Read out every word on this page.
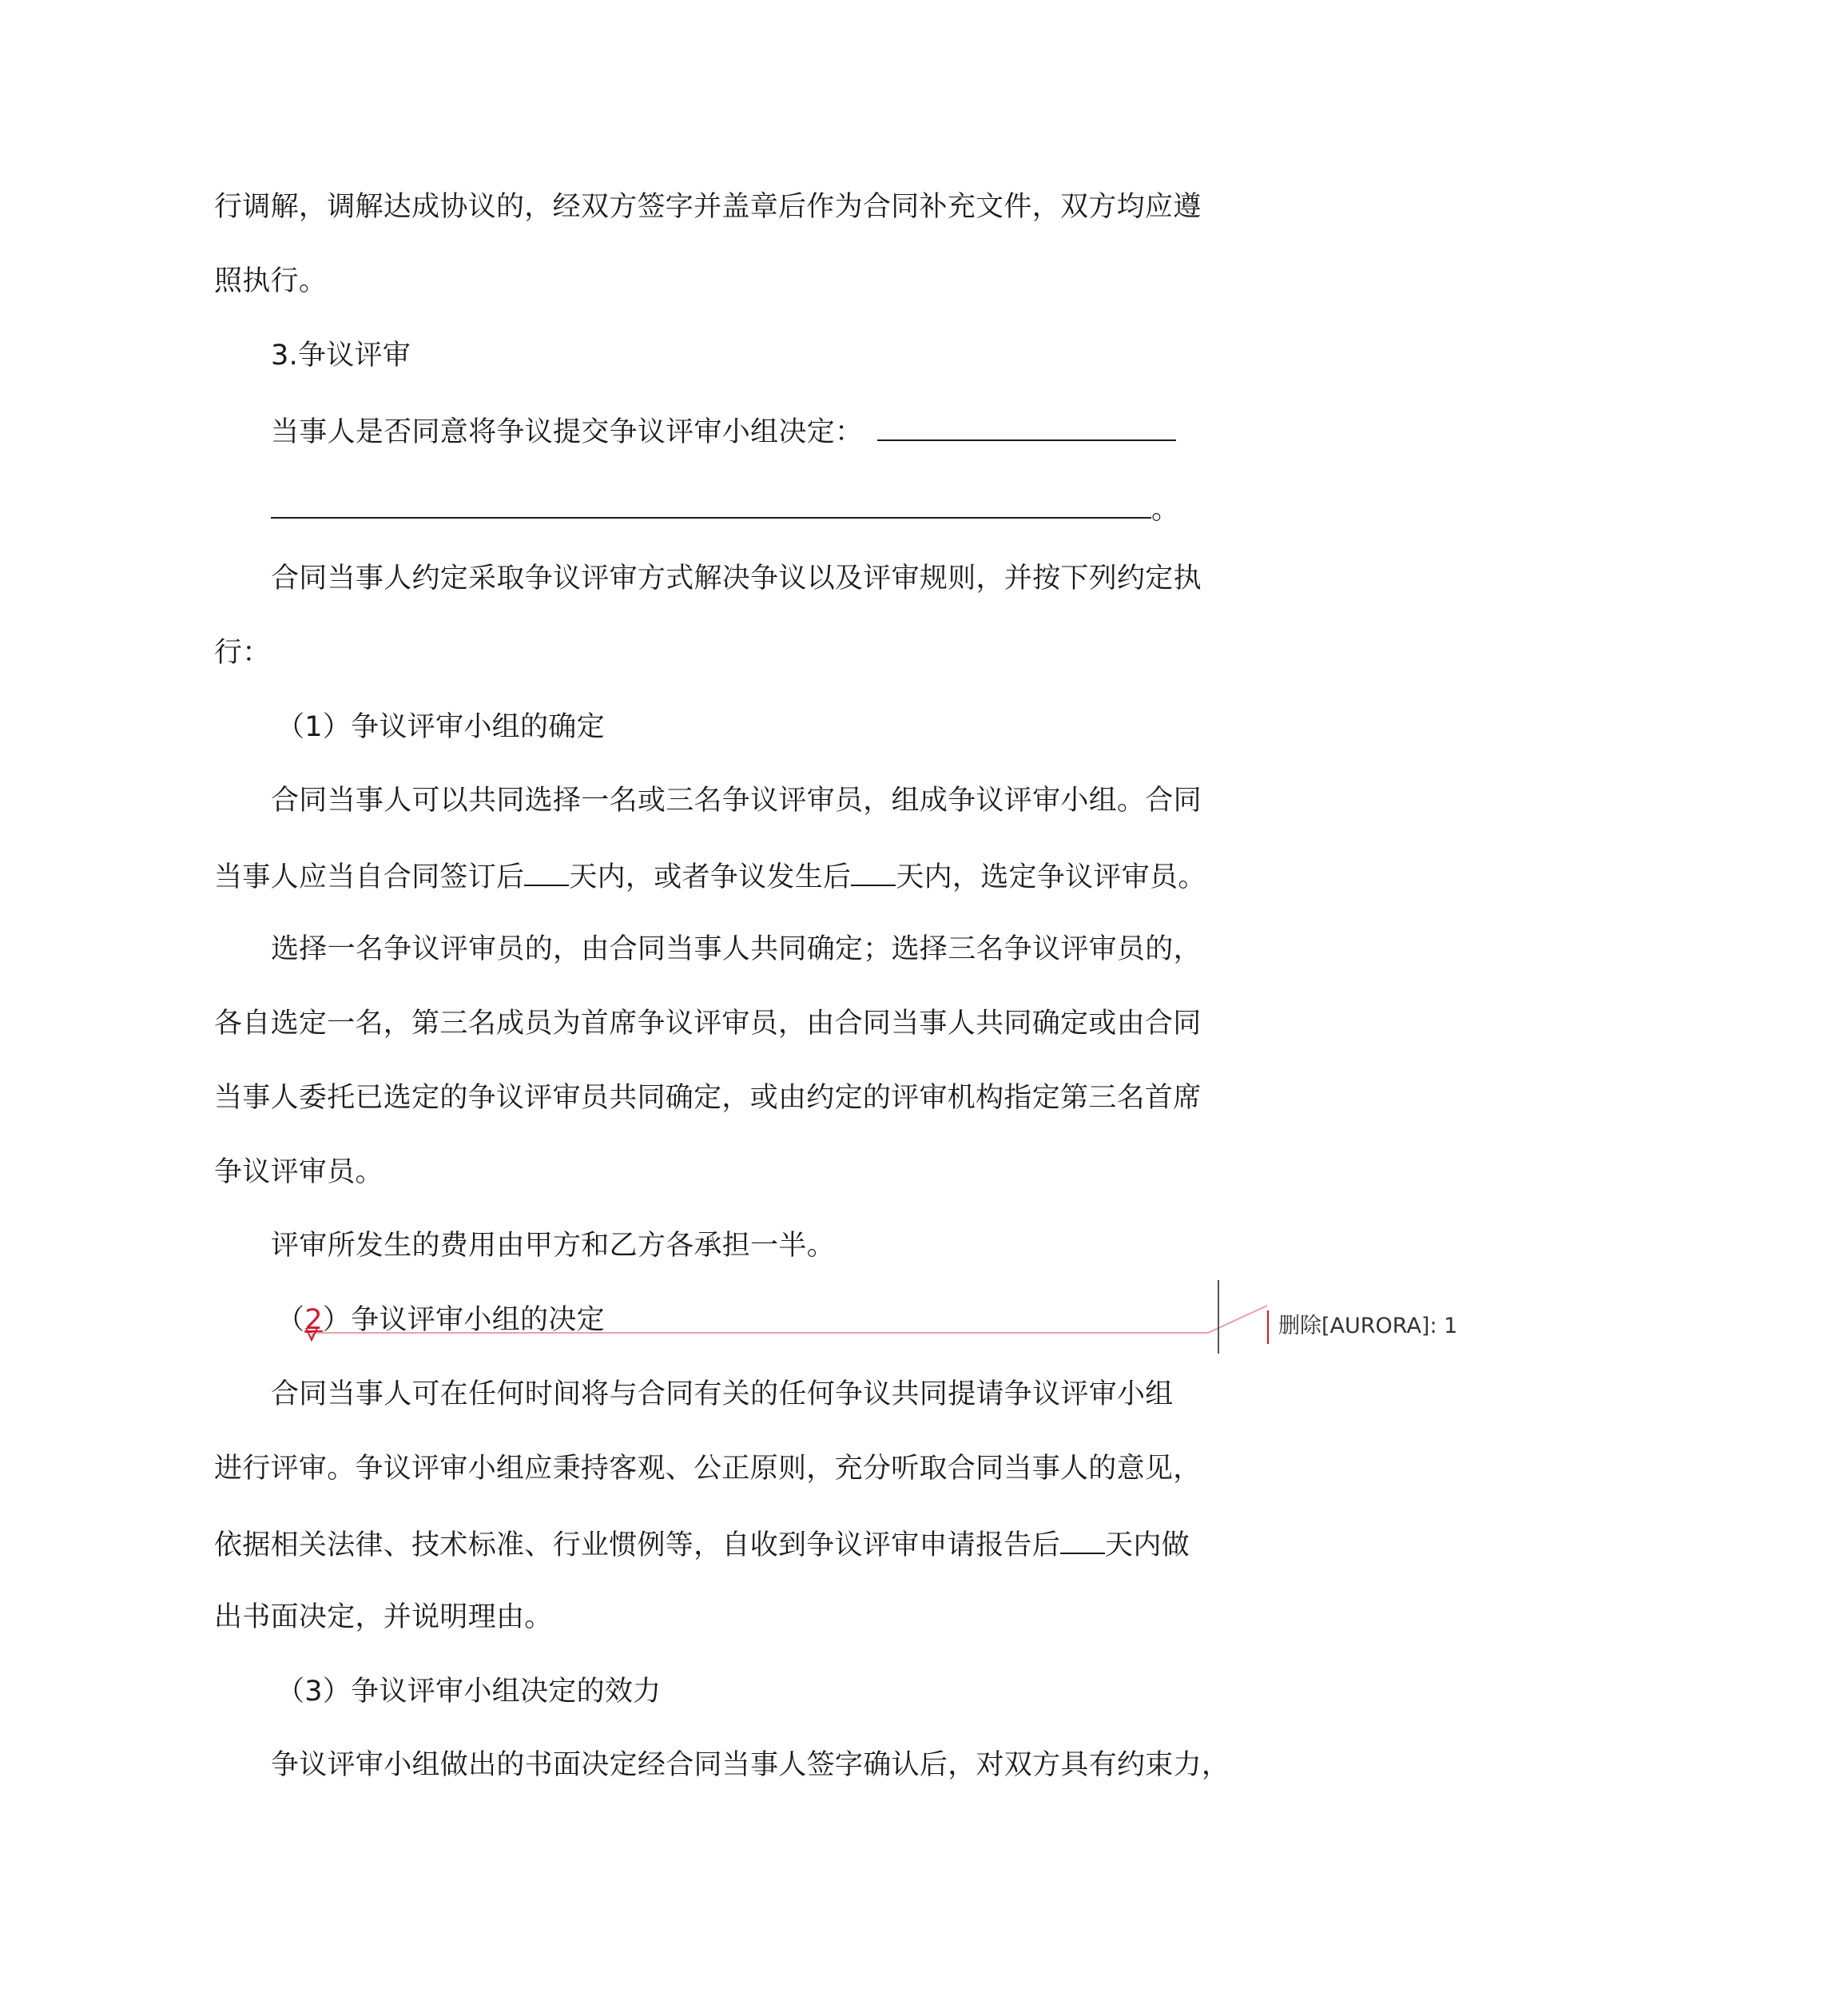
行调解，调解达成协议的，经双方签字并盖章后作为合同补充文件，双方均应遵
照执行。
3.争议评审
当事人是否同意将争议提交争议评审小组决定：
。
合同当事人约定采取争议评审方式解决争议以及评审规则，并按下列约定执
行：
（1）争议评审小组的确定
合同当事人可以共同选择一名或三名争议评审员，组成争议评审小组。合同
当事人应当自合同签订后 天内，或者争议发生后 天内，选定争议评审员。
选择一名争议评审员的，由合同当事人共同确定；选择三名争议评审员的，
各自选定一名，第三名成员为首席争议评审员，由合同当事人共同确定或由合同
当事人委托已选定的争议评审员共同确定，或由约定的评审机构指定第三名首席
争议评审员。
评审所发生的费用由甲方和乙方各承担一半。
（2）争议评审小组的决定
合同当事人可在任何时间将与合同有关的任何争议共同提请争议评审小组
进行评审。争议评审小组应秉持客观、公正原则，充分听取合同当事人的意见，
依据相关法律、技术标准、行业惯例等，自收到争议评审申请报告后 天内做
出书面决定，并说明理由。
（3）争议评审小组决定的效力
争议评审小组做出的书面决定经合同当事人签字确认后，对双方具有约束力，
删除[AURORA]: 1
